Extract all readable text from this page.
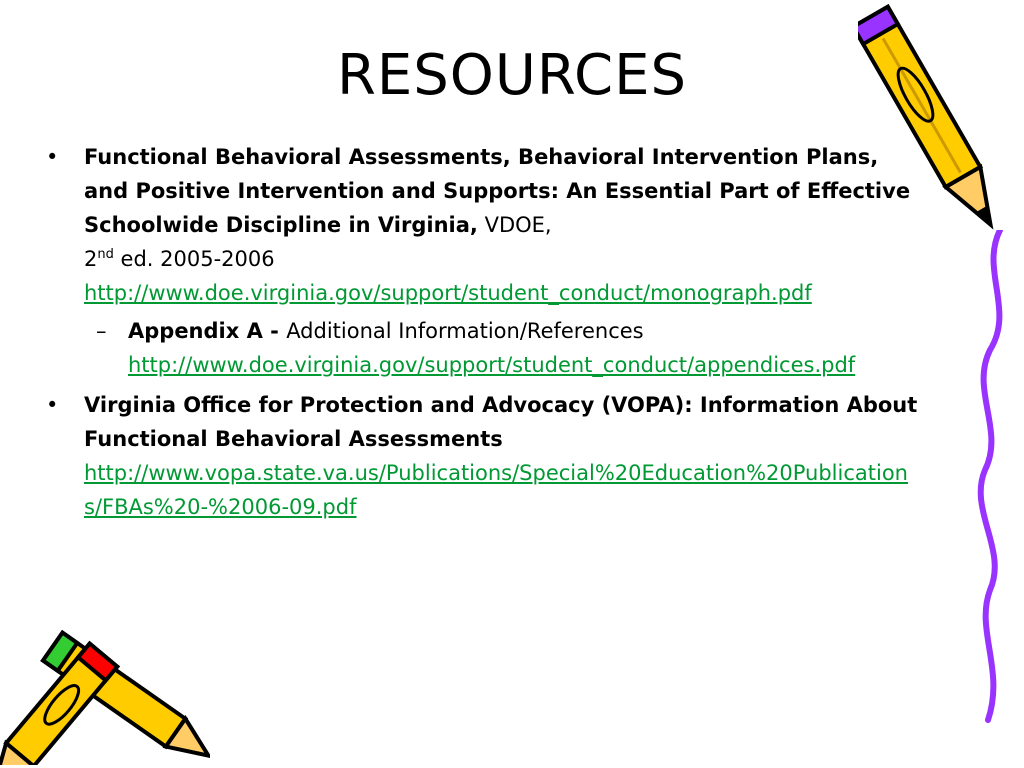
RESOURCES
• Functional Behavioral Assessments, Behavioral Intervention Plans, and Positive Intervention and Supports: An Essential Part of Effective Schoolwide Discipline in Virginia, VDOE,
2nd ed. 2005-2006
http://www.doe.virginia.gov/support/student_conduct/monograph.pdf
– Appendix A - Additional Information/References
http://www.doe.virginia.gov/support/student_conduct/appendices.pdf
• Virginia Office for Protection and Advocacy (VOPA): Information About Functional Behavioral Assessments
http://www.vopa.state.va.us/Publications/Special%20Education%20Publications/FBAs%20-%2006-09.pdf
